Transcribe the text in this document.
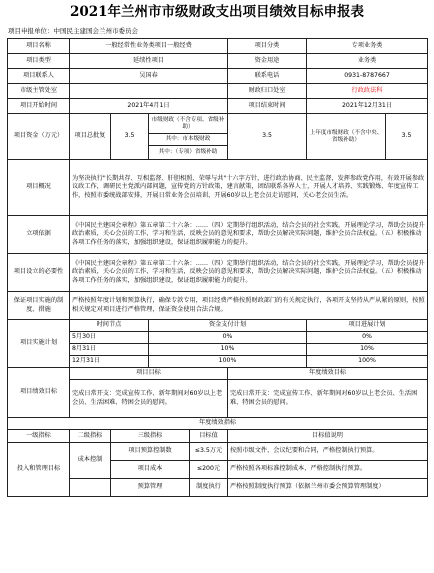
2021年兰州市市级财政支出项目绩效目标申报表
项目申报单位：中国民主建国会兰州市委员会
项目名称	一般经常性业务类项目一般经费				项目分类	专项业务类	
项目类型	延续性项目				资金用途	业务类	
项目联系人	吴国春				联系电话	0931-8787667	
市级主管处室					财政归口处室	行政政法科	
项目开始时间	2021年4月1日				项目结束时间	2021年12月31日	
项目资金（万元）	项目总批复	3.5	市级财政（不含专项、省级补助）		3.5	上年度市级财政（不含中央、省级补助）	3.5
			其中：市本级财政				
			其中：（专项）省级补助				
项目概况	为坚决执行"长期共存、互相监督、肝胆相照、荣辱与共"十六字方针，进行政治协商、民主监督，发挥参政党作用，有效开展参政议政工作，调研民主党派内部问题，宣传党的方针政策，建言献策，团结联系各界人士，开展人才培养、实践锻炼、年度宣传工作，按照市委统战部安排，开展日常业务会员培训，开展60岁以上老会员走访慰问，关心老会员生活。						
立项依据	《中国民主建国会章程》第五章第二十六条：……（四）定期举行组织活动，结合会员的社会实践，开展理论学习，帮助会员提升政治素质，关心会员的工作、学习和生活，反映会员的意见和要求，帮助会员解决实际问题，维护会员合法权益。（五）积极推动各项工作任务的落实，加强组织建设，保证组织履职能力的提升。						
项目设立的必要性	《中国民主建国会章程》第五章第二十六条：……（四）定期举行组织活动，结合会员的社会实践，开展理论学习，帮助会员提升政治素质，关心会员的工作、学习和生活，反映会员的意见和要求，帮助会员解决实际问题，维护会员合法权益。（五）积极推动各项工作任务的落实，加强组织建设，保证组织履职能力的提升。						
保证项目实施的制度、措施	严格按照年度计划和预算执行，确保专款专用，项目经费严格按照财政部门的有关规定执行，各项开支坚持从严从紧的原则，按照相关规定对项目进行严格管理，保证资金使用合法合规。						
项目实施计划	时间节点		资金支付计划			项目进展计划	
	5月30日		0%			0%	
	8月31日		10%			10%	
	12月31日		100%			100%	
项目绩效目标	项目目标				年度绩效目标		
	完成日常开支：完成宣传工作、新年期间对60岁以上老会员、生活困难、特困会员的慰问。				完成日常开支：完成宣传工作、新年期间对60岁以上老会员、生活困难、特困会员的慰问。		
年度绩效指标							
一级指标	二级指标	三级指标		目标值	目标值说明		
投入和管理目标	成本控制	项目预算控制数		≤3.5万元	按照市级文件、会议纪要和合同，严格控制执行预算。		
		项目成本		≤200元	严格按照各项标准控制成本，严格控制执行预算。		
		预算管理		制度执行	严格按照制度执行预算（依据兰州市委会预算管理制度）		
